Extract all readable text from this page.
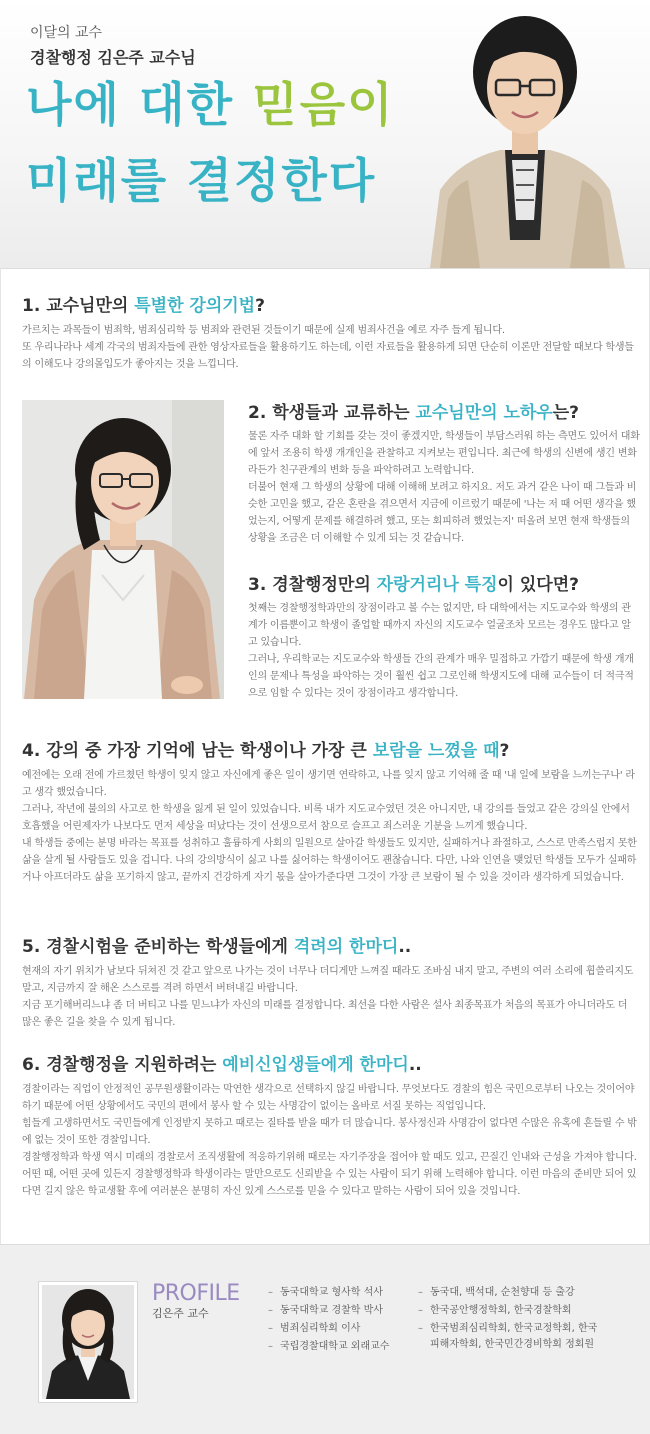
이달의 교수
경찰행정 김은주 교수님
나에 대한 믿음이
미래를 결정한다
1. 교수님만의 특별한 강의기법?
가르치는 과목들이 범죄학, 범죄심리학 등 범죄와 관련된 것들이기 때문에 실제 범죄사건을 예로 자주 들게 됩니다.
또 우리나라나 세계 각국의 범죄자들에 관한 영상자료들을 활용하기도 하는데, 이런 자료들을 활용하게 되면 단순히 이론만 전달할 때보다 학생들의 이해도나 강의몰입도가 좋아지는 것을 느낍니다.
2. 학생들과 교류하는 교수님만의 노하우는?
물론 자주 대화 할 기회를 갖는 것이 좋겠지만, 학생들이 부담스러워 하는 측면도 있어서 대화에 앞서 조용히 학생 개개인을 관찰하고 지켜보는 편입니다. 최근에 학생의 신변에 생긴 변화라든가 친구관계의 변화 등을 파악하려고 노력합니다.
더불어 현재 그 학생의 상황에 대해 이해해 보려고 하지요. 저도 과거 같은 나이 때 그들과 비슷한 고민을 했고, 같은 혼란을 겪으면서 지금에 이르렀기 때문에 '나는 저 때 어떤 생각을 했었는지, 어떻게 문제를 해결하려 했고, 또는 회피하려 했었는지' 떠올려 보면 현재 학생들의 상황을 조금은 더 이해할 수 있게 되는 것 같습니다.
3. 경찰행정만의 자랑거리나 특징이 있다면?
첫째는 경찰행정학과만의 장점이라고 볼 수는 없지만, 타 대학에서는 지도교수와 학생의 관계가 이름뿐이고 학생이 졸업할 때까지 자신의 지도교수 얼굴조차 모르는 경우도 많다고 알고 있습니다.
그러나, 우리학교는 지도교수와 학생들 간의 관계가 매우 밀접하고 가깝기 때문에 학생 개개인의 문제나 특성을 파악하는 것이 훨씬 쉽고 그로인해 학생지도에 대해 교수들이 더 적극적으로 임할 수 있다는 것이 장점이라고 생각합니다.
4. 강의 중 가장 기억에 남는 학생이나 가장 큰 보람을 느꼈을 때?
예전에는 오래 전에 가르쳤던 학생이 잊지 않고 자신에게 좋은 일이 생기면 연락하고, 나를 잊지 않고 기억해 줄 때 '내 일에 보람을 느끼는구나' 라고 생각 했었습니다.
그러나, 작년에 불의의 사고로 한 학생을 잃게 된 일이 있었습니다. 비록 내가 지도교수였던 것은 아니지만, 내 강의를 들었고 같은 강의실 안에서 호흡했을 어린제자가 나보다도 먼저 세상을 떠났다는 것이 선생으로서 참으로 슬프고 죄스러운 기분을 느끼게 했습니다.
내 학생들 중에는 분명 바라는 목표를 성취하고 훌륭하게 사회의 일원으로 살아갈 학생들도 있지만, 실패하거나 좌절하고, 스스로 만족스럽지 못한 삶을 살게 될 사람들도 있을 겁니다. 나의 강의방식이 싫고 나를 싫어하는 학생이어도 괜찮습니다. 다만, 나와 인연을 맺었던 학생들 모두가 실패하거나 아프더라도 삶을 포기하지 않고, 끝까지 건강하게 자기 몫을 살아가준다면 그것이 가장 큰 보람이 될 수 있을 것이라 생각하게 되었습니다.
5. 경찰시험을 준비하는 학생들에게 격려의 한마디..
현재의 자기 위치가 남보다 뒤쳐진 것 같고 앞으로 나가는 것이 너무나 더디게만 느껴질 때라도 조바심 내지 말고, 주변의 여러 소리에 휩쓸리지도 말고, 지금까지 잘 해온 스스로를 격려 하면서 버텨내길 바랍니다.
지금 포기해버리느냐 좀 더 버티고 나를 믿느냐가 자신의 미래를 결정합니다. 최선을 다한 사람은 설사 최종목표가 처음의 목표가 아니더라도 더 많은 좋은 길을 찾을 수 있게 됩니다.
6. 경찰행정을 지원하려는 예비신입생들에게 한마디..
경찰이라는 직업이 안정적인 공무원생활이라는 막연한 생각으로 선택하지 않길 바랍니다. 무엇보다도 경찰의 힘은 국민으로부터 나오는 것이어야 하기 때문에 어떤 상황에서도 국민의 편에서 봉사 할 수 있는 사명감이 없이는 올바로 서질 못하는 직업입니다.
힘들게 고생하면서도 국민들에게 인정받지 못하고 때로는 질타를 받을 때가 더 많습니다. 봉사정신과 사명감이 없다면 수많은 유혹에 흔들릴 수 밖에 없는 것이 또한 경찰입니다.
경찰행정학과 학생 역시 미래의 경찰로서 조직생활에 적응하기위해 때로는 자기주장을 접어야 할 때도 있고, 끈질긴 인내와 근성을 가져야 합니다. 어떤 때, 어떤 곳에 있든지 경찰행정학과 학생이라는 말만으로도 신뢰받을 수 있는 사람이 되기 위해 노력해야 합니다. 이런 마음의 준비만 되어 있다면 길지 않은 학교생활 후에 여러분은 분명히 자신 있게 스스로를 믿을 수 있다고 말하는 사람이 되어 있을 것입니다.
PROFILE
김은주 교수
– 동국대학교 형사학 석사
– 동국대학교 경찰학 박사
– 범죄심리학회 이사
– 국립경찰대학교 외래교수
– 동국대, 백석대, 순천향대 등 출강
– 한국공안행정학회, 한국경찰학회
– 한국범죄심리학회, 한국교정학회, 한국피해자학회, 한국민간경비학회 정회원
